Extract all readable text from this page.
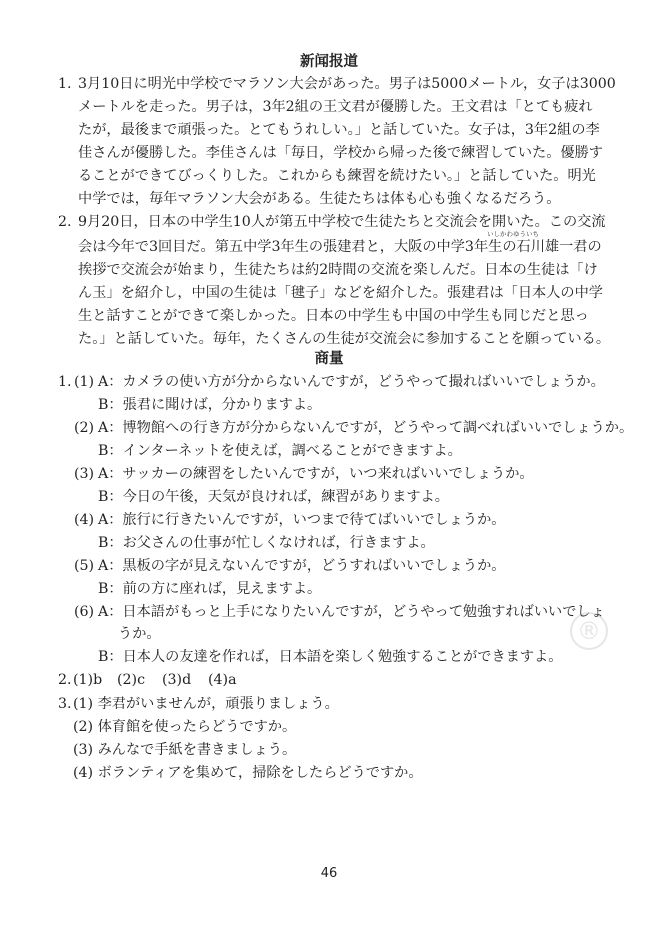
®
新闻报道
1. 3月10日に明光中学校でマラソン大会があった。男子は5000メートル，女子は3000
メートルを走った。男子は，3年2組の王文君が優勝した。王文君は「とても疲れ
たが，最後まで頑張った。とてもうれしい。」と話していた。女子は，3年2組の李
佳さんが優勝した。李佳さんは「毎日，学校から帰った後で練習していた。優勝す
ることができてびっくりした。これからも練習を続けたい。」と話していた。明光
中学では，毎年マラソン大会がある。生徒たちは体も心も強くなるだろう。
2. 9月20日，日本の中学生10人が第五中学校で生徒たちと交流会を開いた。この交流
いしかわゆういち
会は今年で3回目だ。第五中学3年生の張建君と，大阪の中学3年生の石川雄一君の
挨拶で交流会が始まり，生徒たちは約2時間の交流を楽しんだ。日本の生徒は「け
ん玉」を紹介し，中国の生徒は「毽子」などを紹介した。張建君は「日本人の中学
生と話すことができて楽しかった。日本の中学生も中国の中学生も同じだと思っ
た。」と話していた。毎年，たくさんの生徒が交流会に参加することを願っている。
商量
1. (1) A：カメラの使い方が分からないんですが，どうやって撮ればいいでしょうか。
B：張君に聞けば，分かりますよ。
(2) A：博物館への行き方が分からないんですが，どうやって調べればいいでしょうか。
B：インターネットを使えば，調べることができますよ。
(3) A：サッカーの練習をしたいんですが，いつ来ればいいでしょうか。
B：今日の午後，天気が良ければ，練習がありますよ。
(4) A：旅行に行きたいんですが，いつまで待てばいいでしょうか。
B：お父さんの仕事が忙しくなければ，行きますよ。
(5) A：黒板の字が見えないんですが，どうすればいいでしょうか。
B：前の方に座れば，見えますよ。
(6) A：日本語がもっと上手になりたいんですが，どうやって勉強すればいいでしょ
うか。
B：日本人の友達を作れば，日本語を楽しく勉強することができますよ。
2. (1)b (2)c (3)d (4)a
3. (1) 李君がいませんが，頑張りましょう。
(2) 体育館を使ったらどうですか。
(3) みんなで手紙を書きましょう。
(4) ボランティアを集めて，掃除をしたらどうですか。
46
